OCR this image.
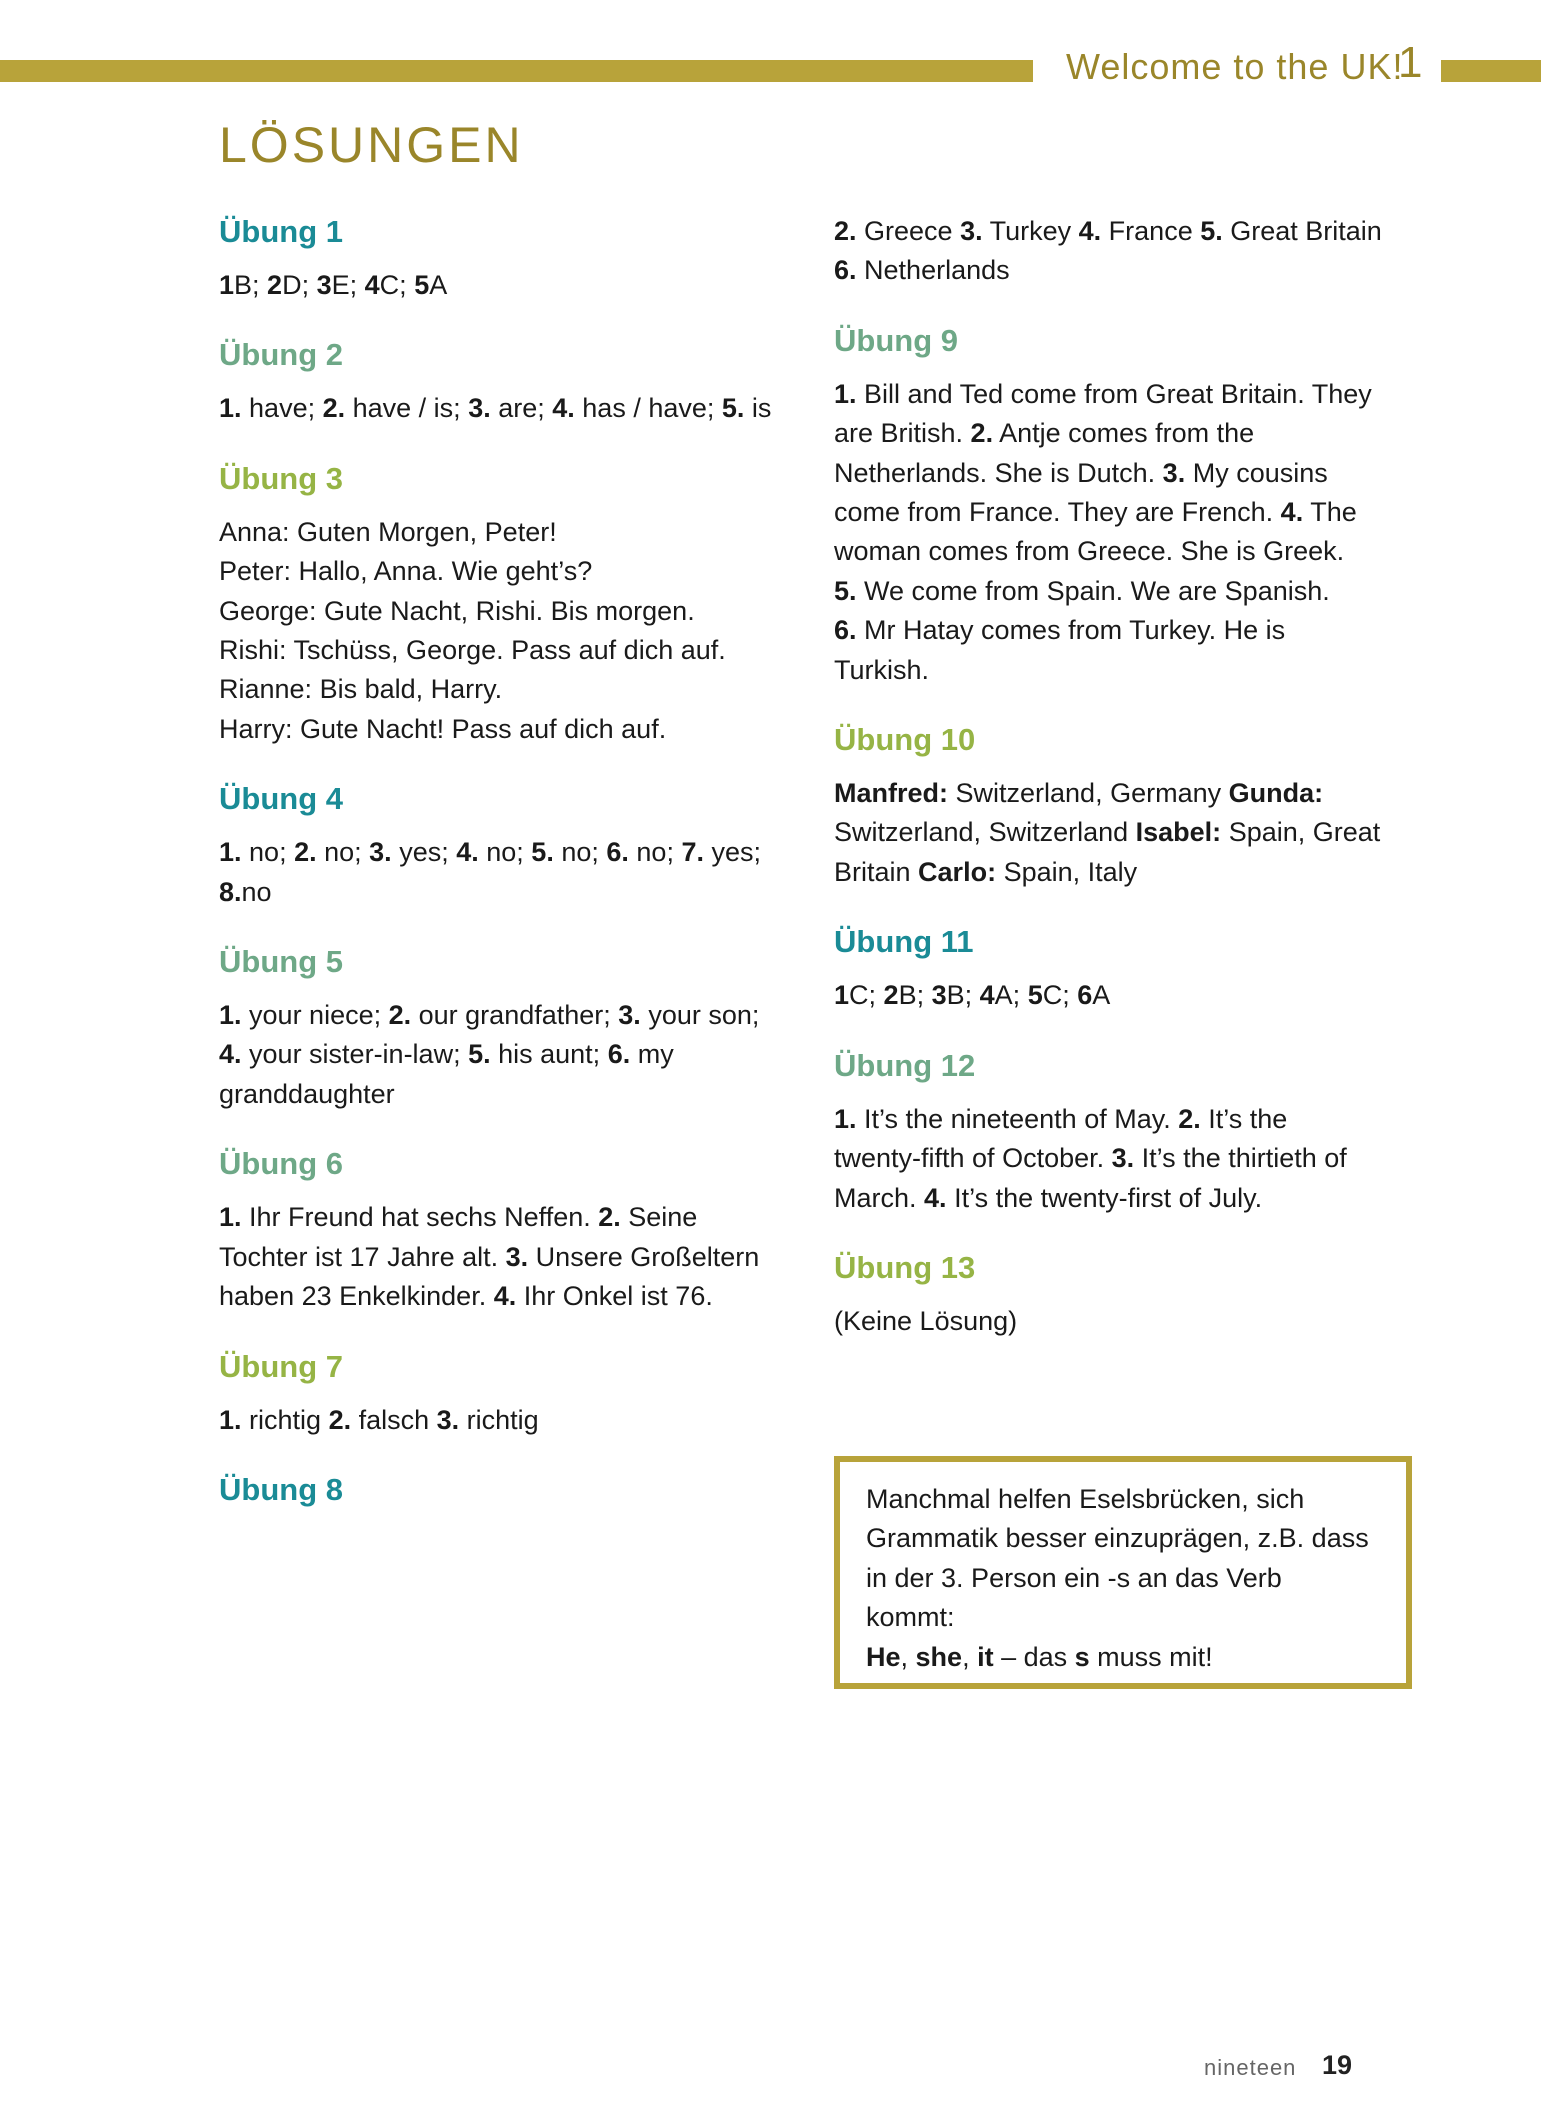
Welcome to the UK!
1
LÖSUNGEN
Übung 1
1B; 2D; 3E; 4C; 5A
Übung 2
1. have; 2. have / is; 3. are; 4. has / have; 5. is
Übung 3
Anna: Guten Morgen, Peter!
Peter: Hallo, Anna. Wie geht’s?
George: Gute Nacht, Rishi. Bis morgen.
Rishi: Tschüss, George. Pass auf dich auf.
Rianne: Bis bald, Harry.
Harry: Gute Nacht! Pass auf dich auf.
Übung 4
1. no; 2. no; 3. yes; 4. no; 5. no; 6. no; 7. yes;
8.no
Übung 5
1. your niece; 2. our grandfather; 3. your son;
4. your sister-in-law; 5. his aunt; 6. my
granddaughter
Übung 6
1. Ihr Freund hat sechs Neffen. 2. Seine
Tochter ist 17 Jahre alt. 3. Unsere Großeltern
haben 23 Enkelkinder. 4. Ihr Onkel ist 76.
Übung 7
1. richtig 2. falsch 3. richtig
Übung 8
2. Greece 3. Turkey 4. France 5. Great Britain
6. Netherlands
Übung 9
1. Bill and Ted come from Great Britain. They
are British. 2. Antje comes from the
Netherlands. She is Dutch. 3. My cousins
come from France. They are French. 4. The
woman comes from Greece. She is Greek.
5. We come from Spain. We are Spanish.
6. Mr Hatay comes from Turkey. He is
Turkish.
Übung 10
Manfred: Switzerland, Germany Gunda:
Switzerland, Switzerland Isabel: Spain, Great
Britain Carlo: Spain, Italy
Übung 11
1C; 2B; 3B; 4A; 5C; 6A
Übung 12
1. It’s the nineteenth of May. 2. It’s the
twenty-fifth of October. 3. It’s the thirtieth of
March. 4. It’s the twenty-first of July.
Übung 13
(Keine Lösung)
Manchmal helfen Eselsbrücken, sich
Grammatik besser einzuprägen, z.B. dass
in der 3. Person ein -s an das Verb
kommt:
He, she, it – das s muss mit!
nineteen 19
